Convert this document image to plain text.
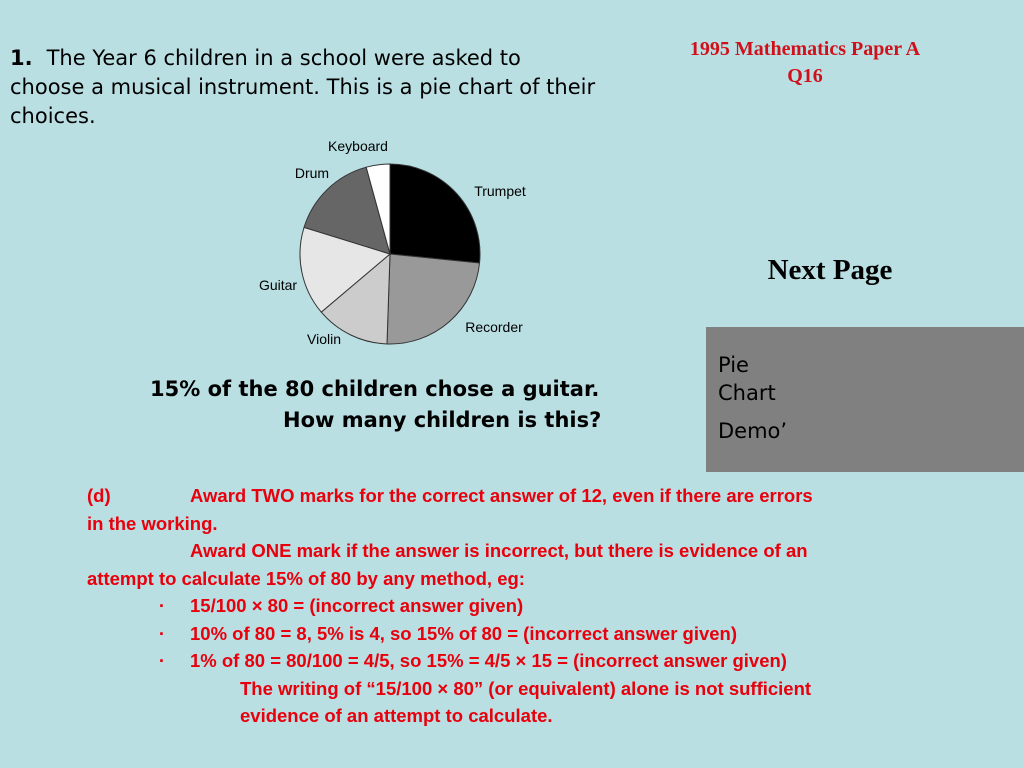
1. The Year 6 children in a school were asked to
choose a musical instrument. This is a pie chart of their
choices.
1995 Mathematics Paper A
Q16
Trumpet
Recorder
Violin
Guitar
Drum
Keyboard
Next Page
Pie
Chart
Demo’
15% of the 80 children chose a guitar.
How many children is this?
(d)	Award TWO marks for the correct answer of 12, even if there are errors
in the working.
Award ONE mark if the answer is incorrect, but there is evidence of an
attempt to calculate 15% of 80 by any method, eg:
· 15/100 × 80 = (incorrect answer given)
· 10% of 80 = 8, 5% is 4, so 15% of 80 = (incorrect answer given)
· 1% of 80 = 80/100 = 4/5, so 15% = 4/5 × 15 = (incorrect answer given)
The writing of “15/100 × 80” (or equivalent) alone is not sufficient
evidence of an attempt to calculate.
